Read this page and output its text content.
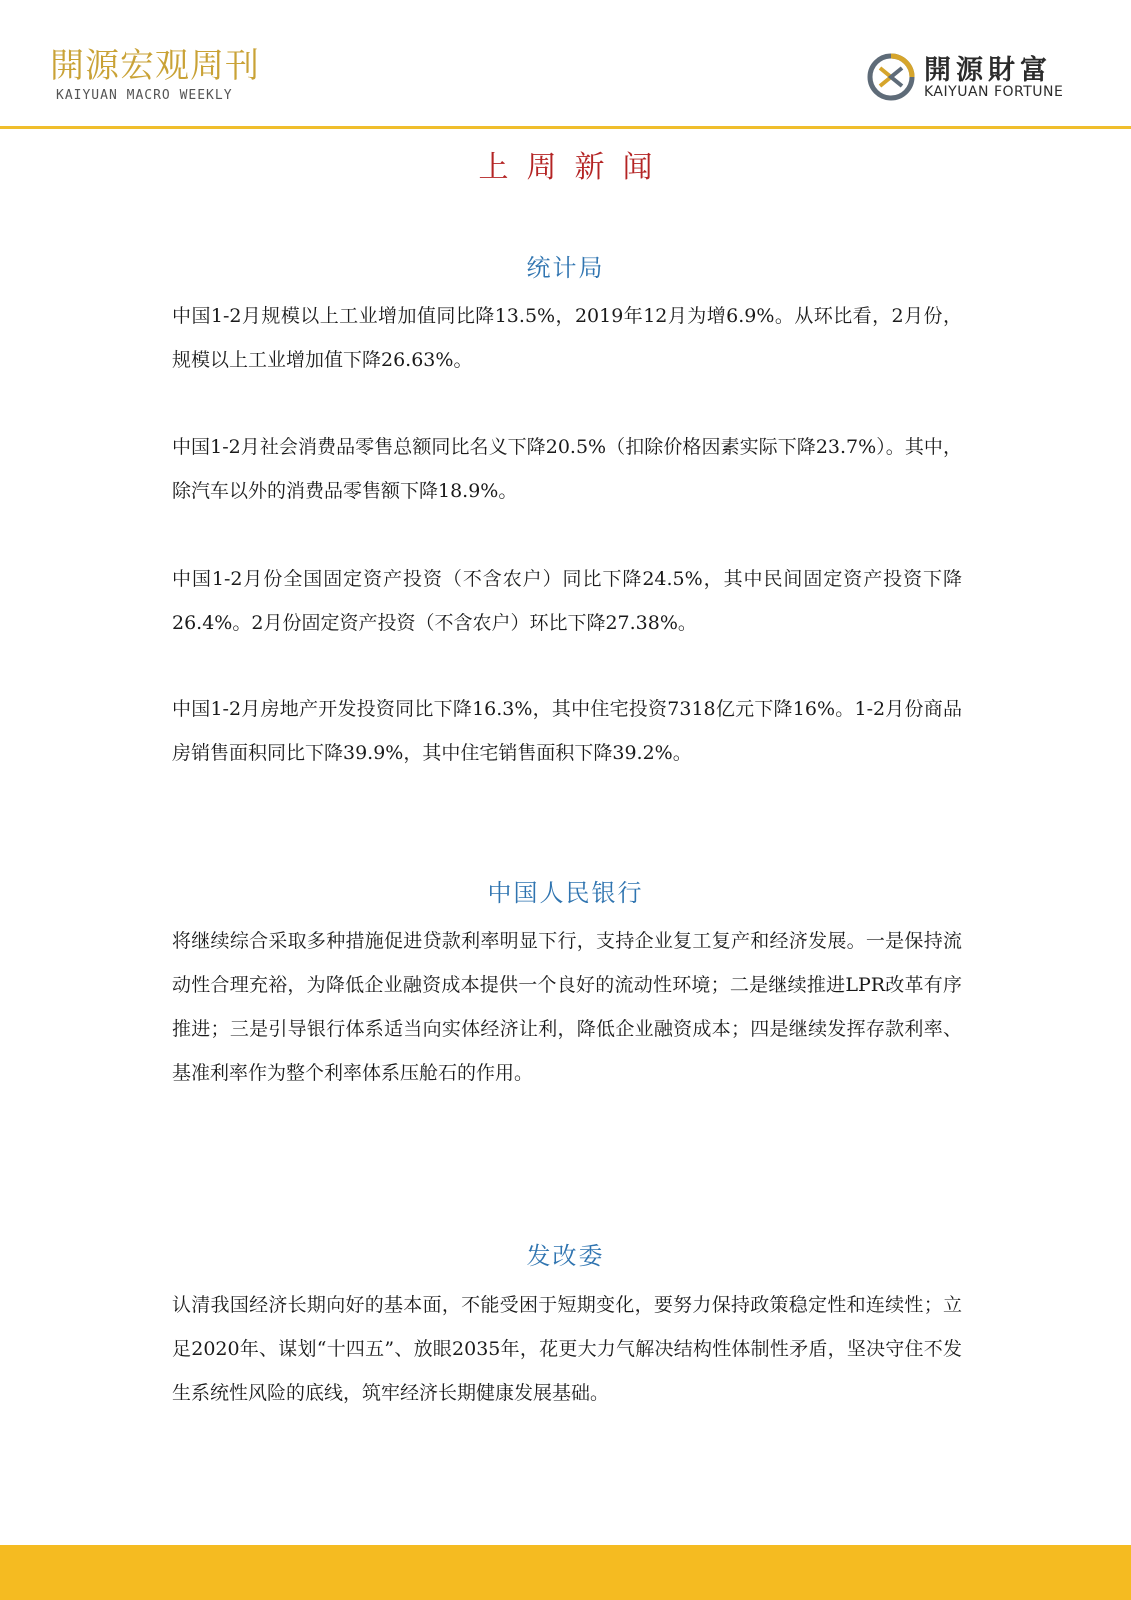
開源宏观周刊
KAIYUAN MACRO WEEKLY
開源財富
KAIYUAN FORTUNE
上周新闻
统计局

中国1-2月规模以上工业增加值同比降13.5%，2019年12月为增6.9%。从环比看，2月份，规模以上工业增加值下降26.63%。

中国1-2月社会消费品零售总额同比名义下降20.5%（扣除价格因素实际下降23.7%）。其中，除汽车以外的消费品零售额下降18.9%。

中国1-2月份全国固定资产投资（不含农户）同比下降24.5%，其中民间固定资产投资下降26.4%。2月份固定资产投资（不含农户）环比下降27.38%。

中国1-2月房地产开发投资同比下降16.3%，其中住宅投资7318亿元下降16%。1-2月份商品房销售面积同比下降39.9%，其中住宅销售面积下降39.2%。

中国人民银行

将继续综合采取多种措施促进贷款利率明显下行，支持企业复工复产和经济发展。一是保持流动性合理充裕，为降低企业融资成本提供一个良好的流动性环境；二是继续推进LPR改革有序推进；三是引导银行体系适当向实体经济让利，降低企业融资成本；四是继续发挥存款利率、基准利率作为整个利率体系压舱石的作用。

发改委

认清我国经济长期向好的基本面，不能受困于短期变化，要努力保持政策稳定性和连续性；立足2020年、谋划“十四五”、放眼2035年，花更大力气解决结构性体制性矛盾，坚决守住不发生系统性风险的底线，筑牢经济长期健康发展基础。
